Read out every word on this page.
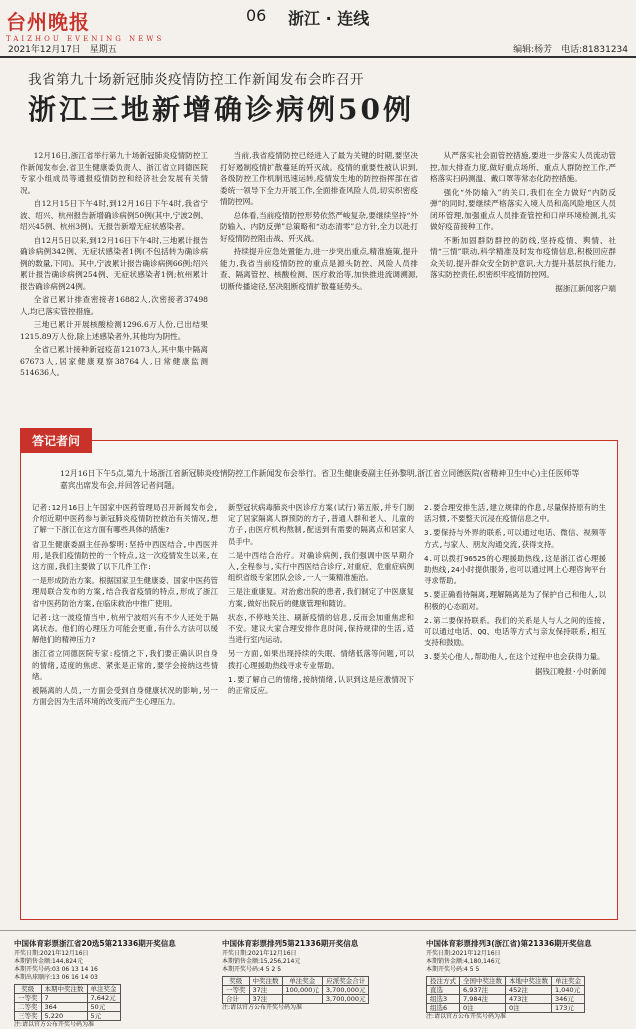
台州晚报
TAIZHOU EVENING NEWS
2021年12月17日　星期五
06 浙江 · 连线
编辑:杨芳　电话:81831234
我省第九十场新冠肺炎疫情防控工作新闻发布会昨召开
浙江三地新增确诊病例50例

12月16日,浙江省举行第九十场新冠肺炎疫情防控工作新闻发布会,省卫生健康委负责人、浙江省立同德医院专家小组成员等通报疫情防控和经济社会发展有关情况。

自12月15日下午4时,到12月16日下午4时,我省宁波、绍兴、杭州报告新增确诊病例50例(其中,宁波2例、绍兴45例、杭州3例)。无报告新增无症状感染者。

自12月5日以来,到12月16日下午4时,三地累计报告确诊病例342例、无症状感染者1例(不包括转为确诊病例的数量,下同)。其中,宁波累计报告确诊病例66例;绍兴累计报告确诊病例254例、无症状感染者1例;杭州累计报告确诊病例24例。

全省已累计排查密接者16882人,次密接者37498人,均已落实管控措施。

三地已累计开展核酸检测1296.6万人份,已出结果1215.89万人份,除上述感染者外,其他均为阴性。

全省已累计接种新冠疫苗121073人,其中集中隔离67673人,居家健康观察38764人,日常健康监测514636人。

当前,我省疫情防控已经进入了最为关键的时期,要坚决打好遏制疫情扩散蔓延的歼灭战。疫情的重要性被认识到,各级防控工作机制迅速运转,疫情发生地的防控指挥部在省委统一领导下全力开展工作,全面排查风险人员,切实织密疫情防控网。

总体看,当前疫情防控形势依然严峻复杂,要继续坚持“外防输入、内防反弹”总策略和“动态清零”总方针,全力以赴打好疫情防控阻击战、歼灭战。

持续提升应急处置能力,进一步突出重点,精准施策,提升能力,我省当前疫情防控的重点是源头防控、风险人员排查、隔离管控、核酸检测、医疗救治等,加快推进流调溯源,切断传播途径,坚决阻断疫情扩散蔓延势头。

从严落实社会面管控措施,要进一步落实人员流动管控,加大排查力度,做好重点场所、重点人群防控工作,严格落实扫码测温、戴口罩等常态化防控措施。

强化“外防输入”的关口,我们在全力做好“内防反弹”的同时,要继续严格落实入境人员和高风险地区人员闭环管理,加强重点人员排查管控和口岸环境检测,扎实做好疫苗接种工作。

不断加固群防群控的防线,坚持疫情、舆情、社情“三情”联动,科学精准及时发布疫情信息,积极回应群众关切,提升群众安全防护意识,大力提升基层执行能力,落实防控责任,织密织牢疫情防控网。

据浙江新闻客户端

答记者问
12月16日下午5点,第九十场浙江省新冠肺炎疫情防控工作新闻发布会举行。省卫生健康委副主任孙黎明,浙江省立同德医院(省精神卫生中心)主任医师等嘉宾出席发布会,并回答记者问题。

记者:12月16日上午国家中医药管理局召开新闻发布会,介绍近期中医药参与新冠肺炎疫情防控救治有关情况,想了解一下浙江在这方面有哪些具体的措施?

省卫生健康委副主任孙黎明:坚持中西医结合,中西医并用,是我们疫情防控的一个特点,这一次疫情发生以来,在这方面,我们主要做了以下几件工作:

一是形成防治方案。根据国家卫生健康委、国家中医药管理局联合发布的方案,结合我省疫情的特点,形成了浙江省中医药防治方案,在临床救治中推广使用。

记者:这一波疫情当中,杭州宁波绍兴有不少人还处于隔离状态。他们的心理压力可能会更重,有什么方法可以缓解他们的精神压力?

浙江省立同德医院专家:疫情之下,我们要正确认识自身的情绪,适度的焦虑、紧张是正常的,要学会接纳这些情绪。

被隔离的人员,一方面会受到自身健康状况的影响,另一方面会因为生活环境的改变而产生心理压力。

新型冠状病毒肺炎中医诊疗方案(试行)第五版,并专门制定了居家隔离人群预防的方子,普通人群和老人、儿童的方子,由医疗机构熬制,配送到有需要的隔离点和居家人员手中。

二是中西结合治疗。对确诊病例,我们强调中医早期介入,全程参与,实行中西医结合诊疗,对重症、危重症病例组织省级专家团队会诊,一人一策精准施治。

三是注重康复。对治愈出院的患者,我们制定了中医康复方案,做好出院后的健康管理和随访。

状态,不停地关注、刷新疫情的信息,反而会加重焦虑和不安。建议大家合理安排作息时间,保持规律的生活,适当进行室内运动。

另一方面,如果出现持续的失眠、情绪低落等问题,可以拨打心理援助热线寻求专业帮助。

1.要了解自己的情绪,接纳情绪,认识到这是应激情况下的正常反应。

2.要合理安排生活,建立规律的作息,尽量保持原有的生活习惯,不要整天沉浸在疫情信息之中。

3.要保持与外界的联系,可以通过电话、微信、视频等方式,与家人、朋友沟通交流,获得支持。

4.可以拨打96525的心理援助热线,这是浙江省心理援助热线,24小时提供服务,也可以通过网上心理咨询平台寻求帮助。

5.要正确看待隔离,理解隔离是为了保护自己和他人,以积极的心态面对。

2.第二要保持联系。我们的关系是人与人之间的连接,可以通过电话、QQ、电话等方式与亲友保持联系,相互支持和鼓励。

3.要关心他人,帮助他人,在这个过程中也会获得力量。

据钱江晚报·小时新闻

中国体育彩票浙江省20选5第21336期开奖信息
开奖日期:2021年12月16日
本期销售金额:144,824元
本期开奖号码:03 06 13 14 16
本期出球顺序:13 06 16 14 03
奖级	本期中奖注数	单注奖金
一等奖	7	7,642元
二等奖	364	50元
三等奖	5,220	5元
注:请以官方公布开奖号码为准
中国体育彩票排列5第21336期开奖信息
开奖日期:2021年12月16日
本期销售金额:15,256,214元
本期开奖号码:4 5 2 5
奖级	中奖注数	单注奖金	应派奖金合计
一等奖	37注	100,000元	3,700,000元
合计	37注		3,700,000元
注:请以官方公布开奖号码为准
中国体育彩票排列3(浙江省)第21336期开奖信息
开奖日期:2021年12月16日
本期销售金额:4,180,146元
本期开奖号码:4 5 5
投注方式	全国中奖注数	本地中奖注数	单注奖金
直选	6,937注	452注	1,040元
组选3	7,984注	473注	346元
组选6	0注	0注	173元
注:请以官方公布开奖号码为准
